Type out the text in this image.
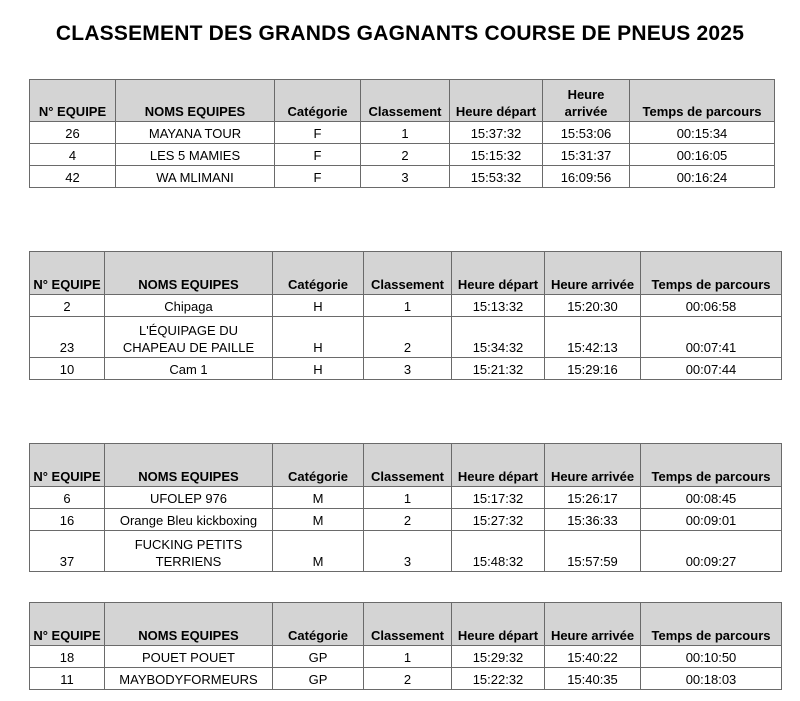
CLASSEMENT DES GRANDS GAGNANTS COURSE DE PNEUS 2025
N° EQUIPE	NOMS EQUIPES	Catégorie	Classement	Heure départ	Heure arrivée	Temps de parcours
26	MAYANA TOUR	F	1	15:37:32	15:53:06	00:15:34
4	LES 5 MAMIES	F	2	15:15:32	15:31:37	00:16:05
42	WA MLIMANI	F	3	15:53:32	16:09:56	00:16:24
N° EQUIPE	NOMS EQUIPES	Catégorie	Classement	Heure départ	Heure arrivée	Temps de parcours
2	Chipaga	H	1	15:13:32	15:20:30	00:06:58
23	L'ÉQUIPAGE DU CHAPEAU DE PAILLE	H	2	15:34:32	15:42:13	00:07:41
10	Cam 1	H	3	15:21:32	15:29:16	00:07:44
N° EQUIPE	NOMS EQUIPES	Catégorie	Classement	Heure départ	Heure arrivée	Temps de parcours
6	UFOLEP 976	M	1	15:17:32	15:26:17	00:08:45
16	Orange Bleu kickboxing	M	2	15:27:32	15:36:33	00:09:01
37	FUCKING PETITS TERRIENS	M	3	15:48:32	15:57:59	00:09:27
N° EQUIPE	NOMS EQUIPES	Catégorie	Classement	Heure départ	Heure arrivée	Temps de parcours
18	POUET POUET	GP	1	15:29:32	15:40:22	00:10:50
11	MAYBODYFORMEURS	GP	2	15:22:32	15:40:35	00:18:03
